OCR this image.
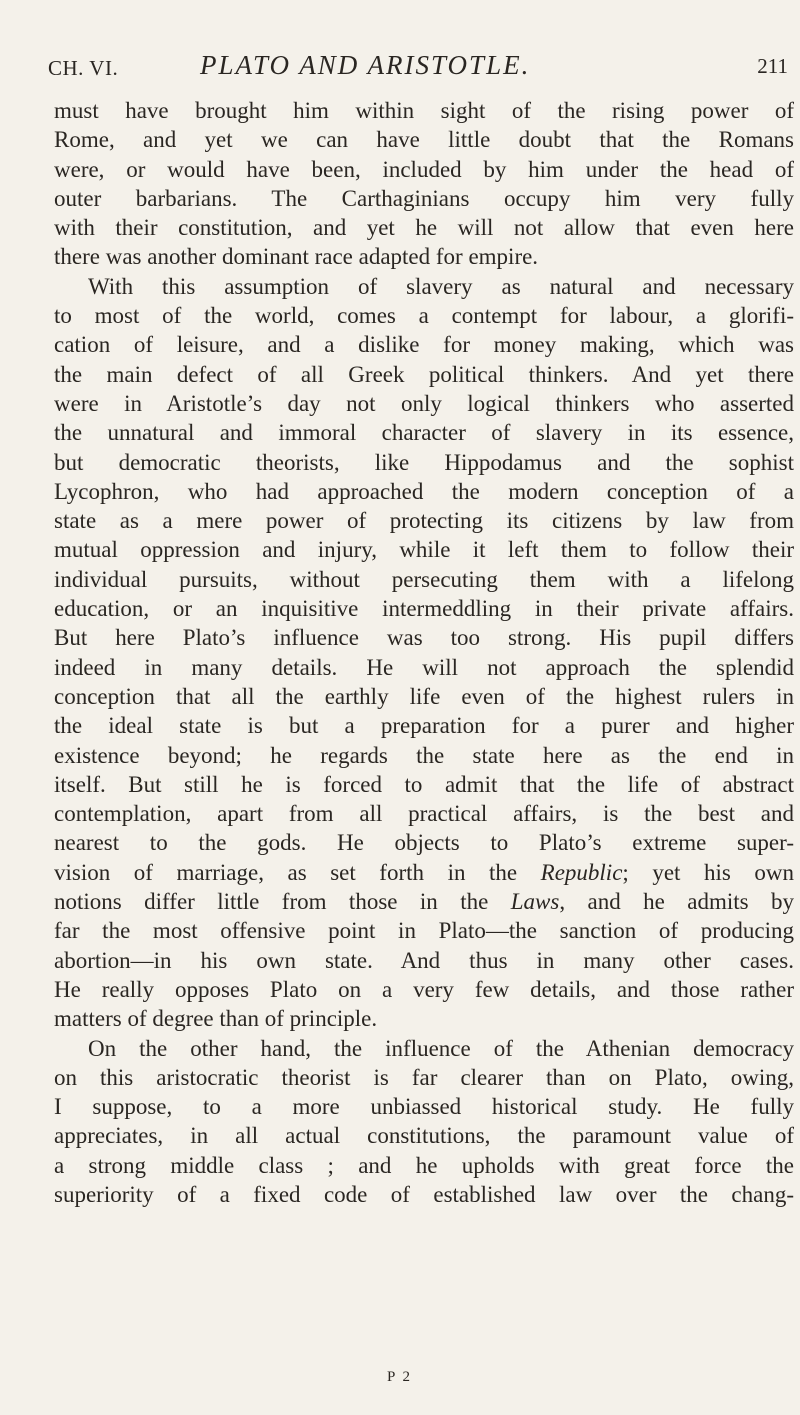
CH. VI.	PLATO AND ARISTOTLE.	211
must have brought him within sight of the rising power of
Rome, and yet we can have little doubt that the Romans
were, or would have been, included by him under the head of
outer barbarians. The Carthaginians occupy him very fully
with their constitution, and yet he will not allow that even here
there was another dominant race adapted for empire.
With this assumption of slavery as natural and necessary
to most of the world, comes a contempt for labour, a glorifi-
cation of leisure, and a dislike for money making, which was
the main defect of all Greek political thinkers. And yet there
were in Aristotle’s day not only logical thinkers who asserted
the unnatural and immoral character of slavery in its essence,
but democratic theorists, like Hippodamus and the sophist
Lycophron, who had approached the modern conception of a
state as a mere power of protecting its citizens by law from
mutual oppression and injury, while it left them to follow their
individual pursuits, without persecuting them with a lifelong
education, or an inquisitive intermeddling in their private affairs.
But here Plato’s influence was too strong. His pupil differs
indeed in many details. He will not approach the splendid
conception that all the earthly life even of the highest rulers in
the ideal state is but a preparation for a purer and higher
existence beyond; he regards the state here as the end in
itself. But still he is forced to admit that the life of abstract
contemplation, apart from all practical affairs, is the best and
nearest to the gods. He objects to Plato’s extreme super-
vision of marriage, as set forth in the Republic; yet his own
notions differ little from those in the Laws, and he admits by
far the most offensive point in Plato—the sanction of producing
abortion—in his own state. And thus in many other cases.
He really opposes Plato on a very few details, and those rather
matters of degree than of principle.
On the other hand, the influence of the Athenian democracy
on this aristocratic theorist is far clearer than on Plato, owing,
I suppose, to a more unbiassed historical study. He fully
appreciates, in all actual constitutions, the paramount value of
a strong middle class ; and he upholds with great force the
superiority of a fixed code of established law over the chang-
P 2
